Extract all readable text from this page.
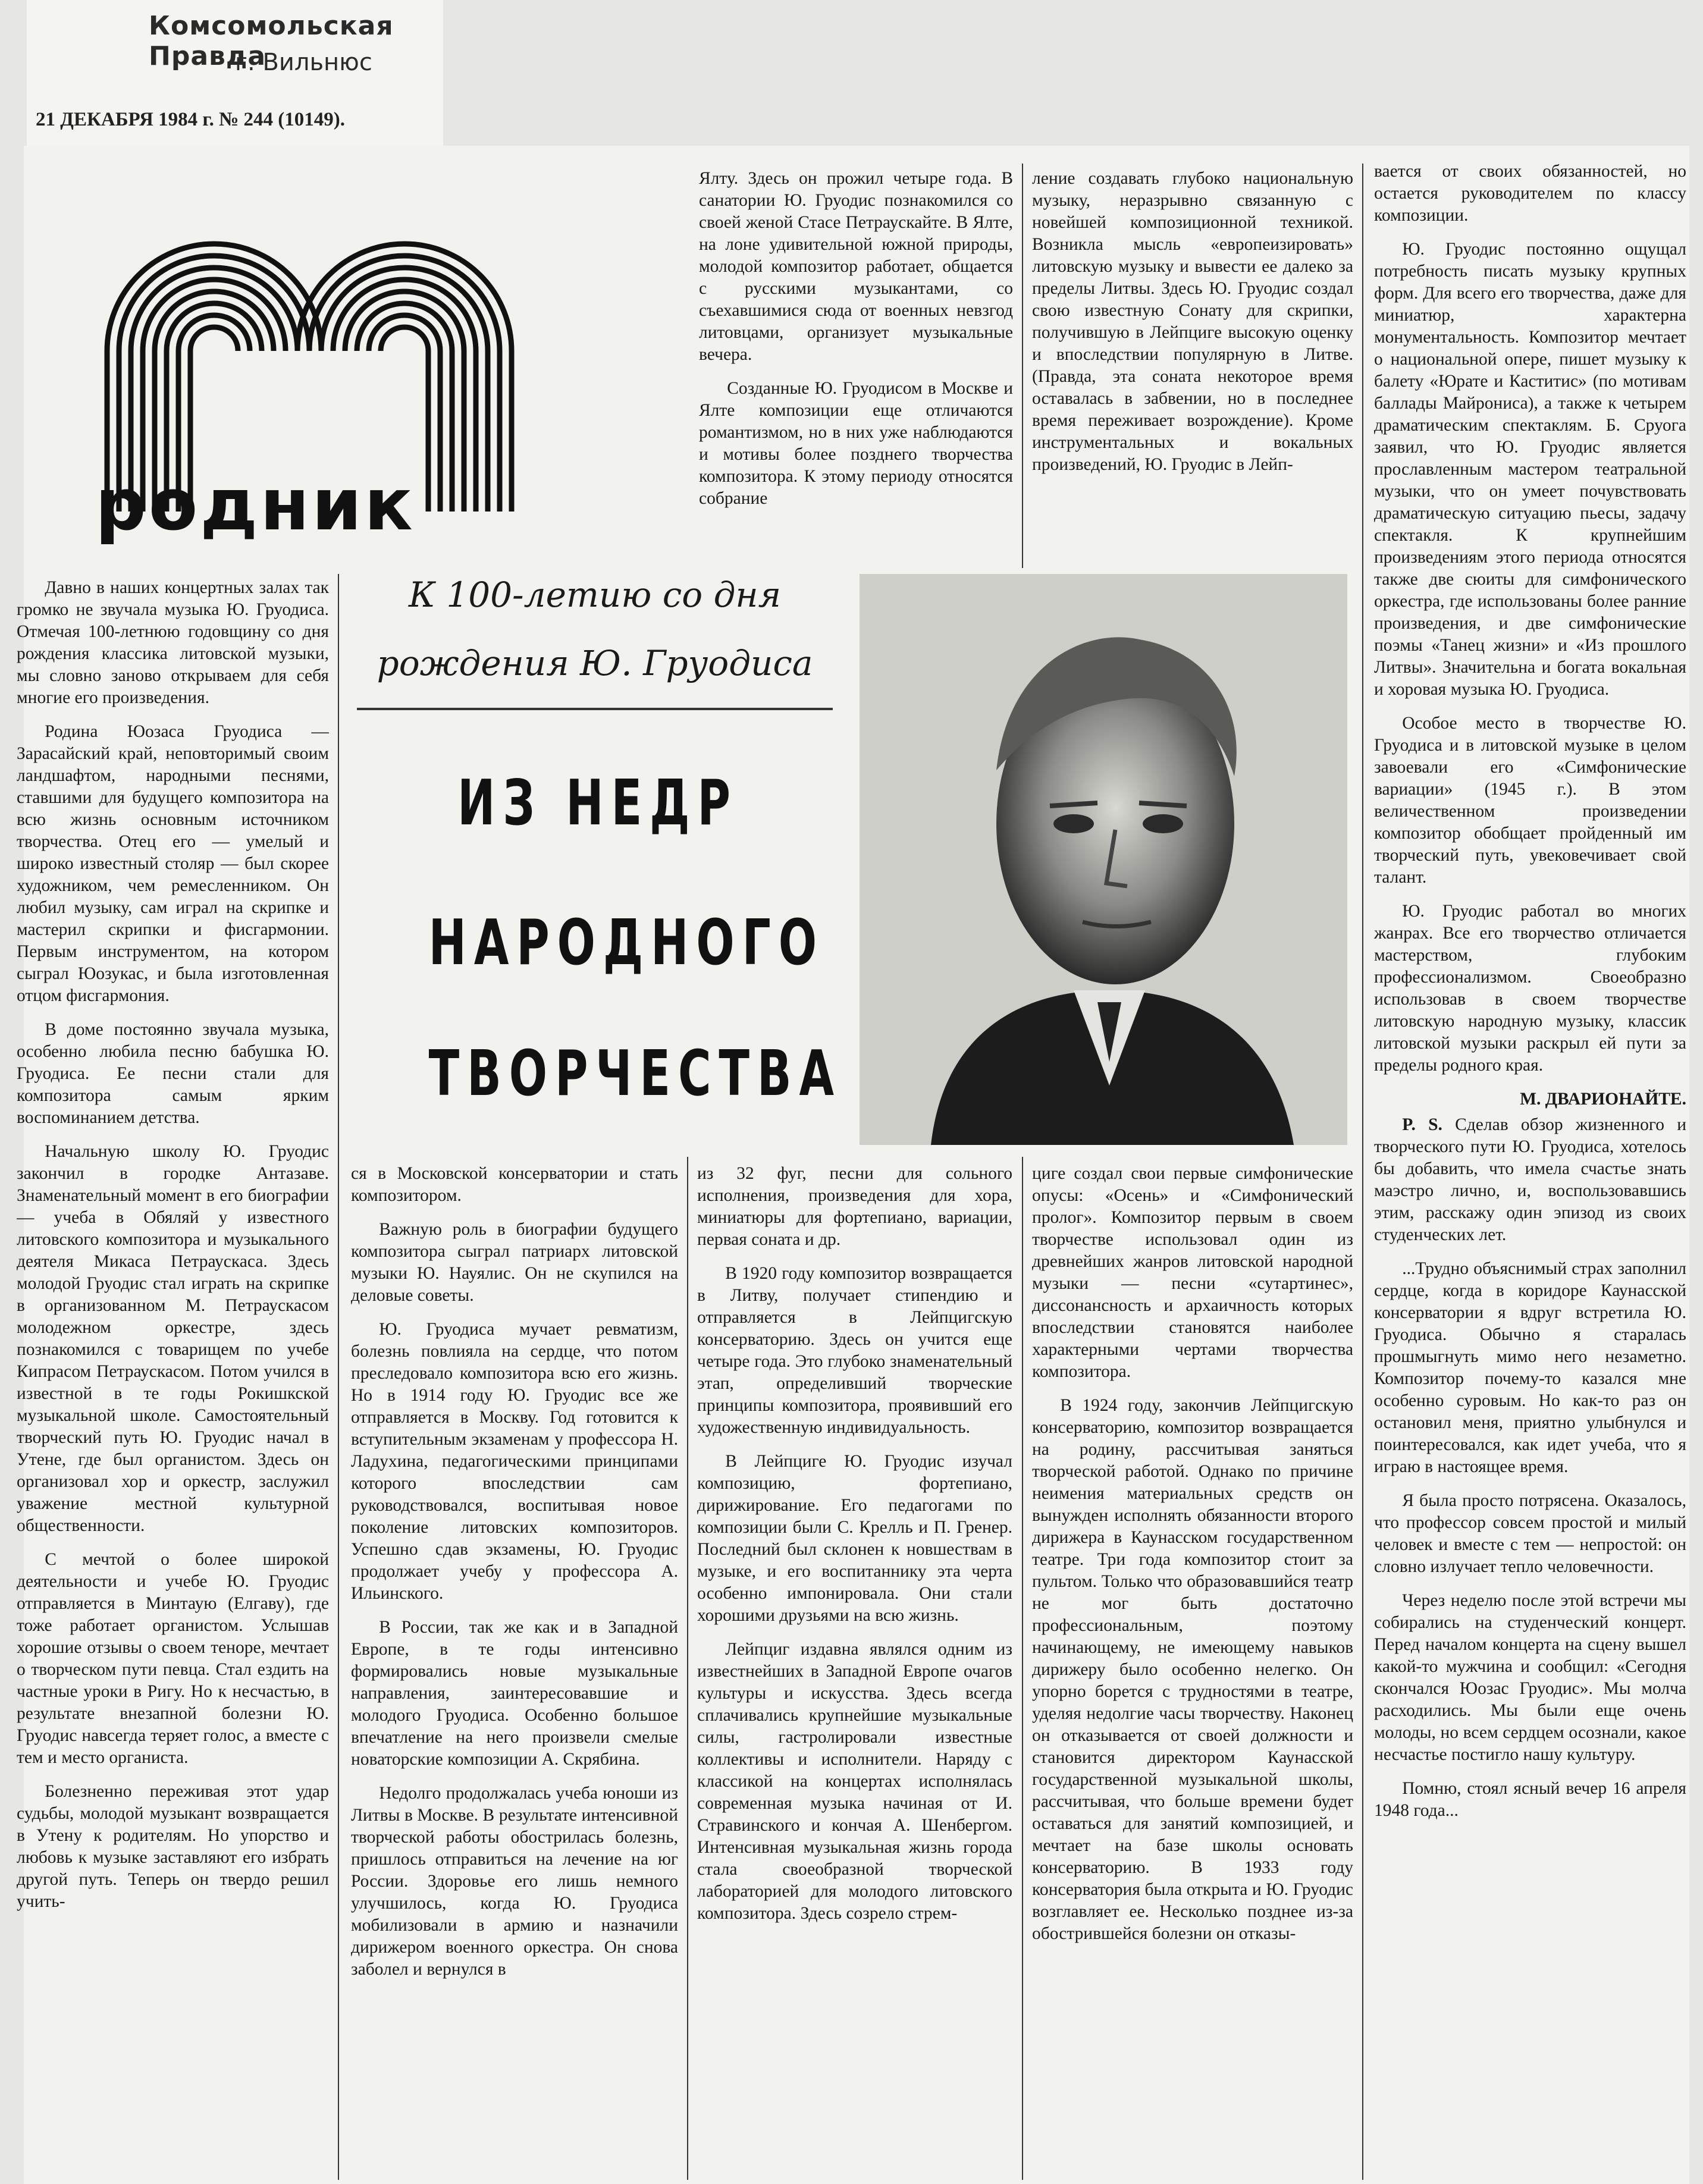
Комсомольская Правда
г. Вильнюс
21 ДЕКАБРЯ 1984 г. № 244 (10149).
родник
К 100-летию со дня
рождения Ю. Груодиса
ИЗ НЕДР
НАРОДНОГО
ТВОРЧЕСТВА

Давно в наших концертных залах так громко не звучала музыка Ю. Груодиса. Отмечая 100-летнюю годовщину со дня рождения классика литовской музыки, мы словно заново открываем для себя многие его произведения.

Родина Юозаса Груодиса — Зарасайский край, неповторимый своим ландшафтом, народными песнями, ставшими для будущего композитора на всю жизнь основным источником творчества. Отец его — умелый и широко известный столяр — был скорее художником, чем ремесленником. Он любил музыку, сам играл на скрипке и мастерил скрипки и фисгармонии. Первым инструментом, на котором сыграл Юозукас, и была изготовленная отцом фисгармония.

В доме постоянно звучала музыка, особенно любила песню бабушка Ю. Груодиса. Ее песни стали для композитора самым ярким воспоминанием детства.

Начальную школу Ю. Груодис закончил в городке Антазаве. Знаменательный момент в его биографии — учеба в Обяляй у известного литовского композитора и музыкального деятеля Микаса Петраускаса. Здесь молодой Груодис стал играть на скрипке в организованном М. Петраускасом молодежном оркестре, здесь познакомился с товарищем по учебе Кипрасом Петраускасом. Потом учился в известной в те годы Рокишкской музыкальной школе. Самостоятельный творческий путь Ю. Груодис начал в Утене, где был органистом. Здесь он организовал хор и оркестр, заслужил уважение местной культурной общественности.

С мечтой о более широкой деятельности и учебе Ю. Груодис отправляется в Минтаую (Елгаву), где тоже работает органистом. Услышав хорошие отзывы о своем теноре, мечтает о творческом пути певца. Стал ездить на частные уроки в Ригу. Но к несчастью, в результате внезапной болезни Ю. Груодис навсегда теряет голос, а вместе с тем и место органиста.

Болезненно переживая этот удар судьбы, молодой музыкант возвращается в Утену к родителям. Но упорство и любовь к музыке заставляют его избрать другой путь. Теперь он твердо решил учить-

ся в Московской консерватории и стать композитором.

Важную роль в биографии будущего композитора сыграл патриарх литовской музыки Ю. Науялис. Он не скупился на деловые советы.

Ю. Груодиса мучает ревматизм, болезнь повлияла на сердце, что потом преследовало композитора всю его жизнь. Но в 1914 году Ю. Груодис все же отправляется в Москву. Год готовится к вступительным экзаменам у профессора Н. Ладухина, педагогическими принципами которого впоследствии сам руководствовался, воспитывая новое поколение литовских композиторов. Успешно сдав экзамены, Ю. Груодис продолжает учебу у профессора А. Ильинского.

В России, так же как и в Западной Европе, в те годы интенсивно формировались новые музыкальные направления, заинтересовавшие и молодого Груодиса. Особенно большое впечатление на него произвели смелые новаторские композиции А. Скрябина.

Недолго продолжалась учеба юноши из Литвы в Москве. В результате интенсивной творческой работы обострилась болезнь, пришлось отправиться на лечение на юг России. Здоровье его лишь немного улучшилось, когда Ю. Груодиса мобилизовали в армию и назначили дирижером военного оркестра. Он снова заболел и вернулся в

Ялту. Здесь он прожил четыре года. В санатории Ю. Груодис познакомился со своей женой Стасе Петраускайте. В Ялте, на лоне удивительной южной природы, молодой композитор работает, общается с русскими музыкантами, со съехавшимися сюда от военных невзгод литовцами, организует музыкальные вечера.

Созданные Ю. Груодисом в Москве и Ялте композиции еще отличаются романтизмом, но в них уже наблюдаются и мотивы более позднего творчества композитора. К этому периоду относятся собрание

из 32 фуг, песни для сольного исполнения, произведения для хора, миниатюры для фортепиано, вариации, первая соната и др.

В 1920 году композитор возвращается в Литву, получает стипендию и отправляется в Лейпцигскую консерваторию. Здесь он учится еще четыре года. Это глубоко знаменательный этап, определивший творческие принципы композитора, проявивший его художественную индивидуальность.

В Лейпциге Ю. Груодис изучал композицию, фортепиано, дирижирование. Его педагогами по композиции были С. Крелль и П. Гренер. Последний был склонен к новшествам в музыке, и его воспитаннику эта черта особенно импонировала. Они стали хорошими друзьями на всю жизнь.

Лейпциг издавна являлся одним из известнейших в Западной Европе очагов культуры и искусства. Здесь всегда сплачивались крупнейшие музыкальные силы, гастролировали известные коллективы и исполнители. Наряду с классикой на концертах исполнялась современная музыка начиная от И. Стравинского и кончая А. Шенбергом. Интенсивная музыкальная жизнь города стала своеобразной творческой лабораторией для молодого литовского композитора. Здесь созрело стрем-

ление создавать глубоко национальную музыку, неразрывно связанную с новейшей композиционной техникой. Возникла мысль «европеизировать» литовскую музыку и вывести ее далеко за пределы Литвы. Здесь Ю. Груодис создал свою известную Сонату для скрипки, получившую в Лейпциге высокую оценку и впоследствии популярную в Литве. (Правда, эта соната некоторое время оставалась в забвении, но в последнее время переживает возрождение). Кроме инструментальных и вокальных произведений, Ю. Груодис в Лейп-

циге создал свои первые симфонические опусы: «Осень» и «Симфонический пролог». Композитор первым в своем творчестве использовал один из древнейших жанров литовской народной музыки — песни «сутартинес», диссонансность и архаичность которых впоследствии становятся наиболее характерными чертами творчества композитора.

В 1924 году, закончив Лейпцигскую консерваторию, композитор возвращается на родину, рассчитывая заняться творческой работой. Однако по причине неимения материальных средств он вынужден исполнять обязанности второго дирижера в Каунасском государственном театре. Три года композитор стоит за пультом. Только что образовавшийся театр не мог быть достаточно профессиональным, поэтому начинающему, не имеющему навыков дирижеру было особенно нелегко. Он упорно борется с трудностями в театре, уделяя недолгие часы творчеству. Наконец он отказывается от своей должности и становится директором Каунасской государственной музыкальной школы, рассчитывая, что больше времени будет оставаться для занятий композицией, и мечтает на базе школы основать консерваторию. В 1933 году консерватория была открыта и Ю. Груодис возглавляет ее. Несколько позднее из-за обострившейся болезни он отказы-

вается от своих обязанностей, но остается руководителем по классу композиции.

Ю. Груодис постоянно ощущал потребность писать музыку крупных форм. Для всего его творчества, даже для миниатюр, характерна монументальность. Композитор мечтает о национальной опере, пишет музыку к балету «Юрате и Каститис» (по мотивам баллады Майрониса), а также к четырем драматическим спектаклям. Б. Сруога заявил, что Ю. Груодис является прославленным мастером театральной музыки, что он умеет почувствовать драматическую ситуацию пьесы, задачу спектакля. К крупнейшим произведениям этого периода относятся также две сюиты для симфонического оркестра, где использованы более ранние произведения, и две симфонические поэмы «Танец жизни» и «Из прошлого Литвы». Значительна и богата вокальная и хоровая музыка Ю. Груодиса.

Особое место в творчестве Ю. Груодиса и в литовской музыке в целом завоевали его «Симфонические вариации» (1945 г.). В этом величественном произведении композитор обобщает пройденный им творческий путь, увековечивает свой талант.

Ю. Груодис работал во многих жанрах. Все его творчество отличается мастерством, глубоким профессионализмом. Своеобразно использовав в своем творчестве литовскую народную музыку, классик литовской музыки раскрыл ей пути за пределы родного края.

М. ДВАРИОНАЙТЕ.

P. S. Сделав обзор жизненного и творческого пути Ю. Груодиса, хотелось бы добавить, что имела счастье знать маэстро лично, и, воспользовавшись этим, расскажу один эпизод из своих студенческих лет.

...Трудно объяснимый страх заполнил сердце, когда в коридоре Каунасской консерватории я вдруг встретила Ю. Груодиса. Обычно я старалась прошмыгнуть мимо него незаметно. Композитор почему-то казался мне особенно суровым. Но как-то раз он остановил меня, приятно улыбнулся и поинтересовался, как идет учеба, что я играю в настоящее время.

Я была просто потрясена. Оказалось, что профессор совсем простой и милый человек и вместе с тем — непростой: он словно излучает тепло человечности.

Через неделю после этой встречи мы собирались на студенческий концерт. Перед началом концерта на сцену вышел какой-то мужчина и сообщил: «Сегодня скончался Юозас Груодис». Мы молча расходились. Мы были еще очень молоды, но всем сердцем осознали, какое несчастье постигло нашу культуру.

Помню, стоял ясный вечер 16 апреля 1948 года...
